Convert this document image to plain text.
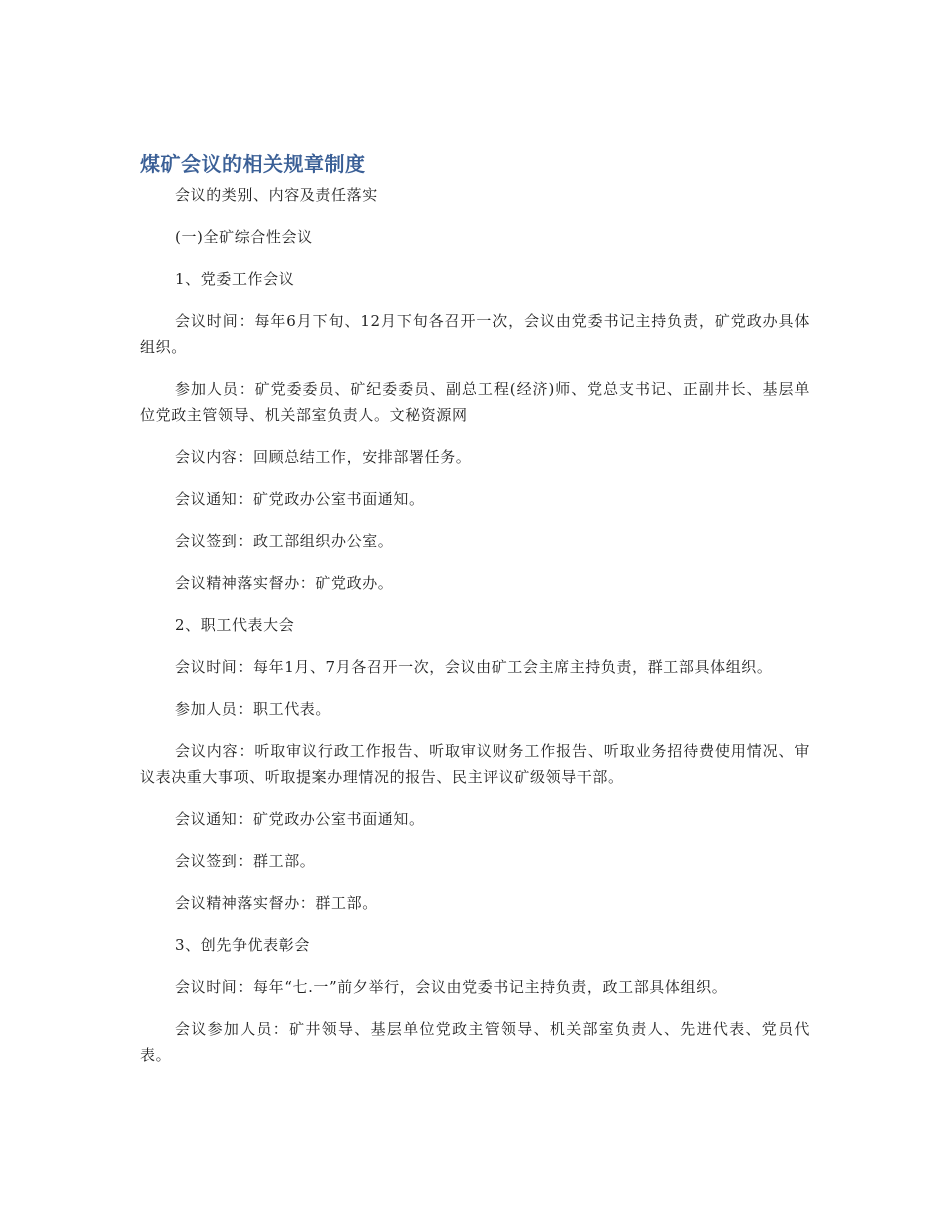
煤矿会议的相关规章制度

会议的类别、内容及责任落实

(一)全矿综合性会议

1、党委工作会议

会议时间：每年6月下旬、12月下旬各召开一次，会议由党委书记主持负责，矿党政办具体组织。

参加人员：矿党委委员、矿纪委委员、副总工程(经济)师、党总支书记、正副井长、基层单位党政主管领导、机关部室负责人。文秘资源网

会议内容：回顾总结工作，安排部署任务。

会议通知：矿党政办公室书面通知。

会议签到：政工部组织办公室。

会议精神落实督办：矿党政办。

2、职工代表大会

会议时间：每年1月、7月各召开一次，会议由矿工会主席主持负责，群工部具体组织。

参加人员：职工代表。

会议内容：听取审议行政工作报告、听取审议财务工作报告、听取业务招待费使用情况、审议表决重大事项、听取提案办理情况的报告、民主评议矿级领导干部。

会议通知：矿党政办公室书面通知。

会议签到：群工部。

会议精神落实督办：群工部。

3、创先争优表彰会

会议时间：每年“七.一”前夕举行，会议由党委书记主持负责，政工部具体组织。

会议参加人员：矿井领导、基层单位党政主管领导、机关部室负责人、先进代表、党员代表。
